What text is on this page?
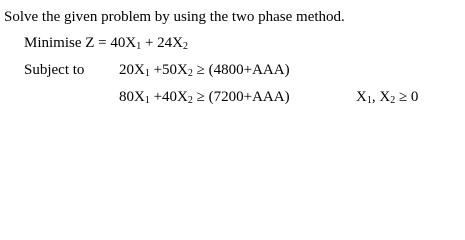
Solve the given problem by using the two phase method.
Minimise $Z = 40X_1 + 24X_2$
Subject to $20X_1 +50X_2 \ge (4800+AAA)$
$80X_1 +40X_2 \ge (7200+AAA)$	$X_1$, $X_2 \ge 0$
